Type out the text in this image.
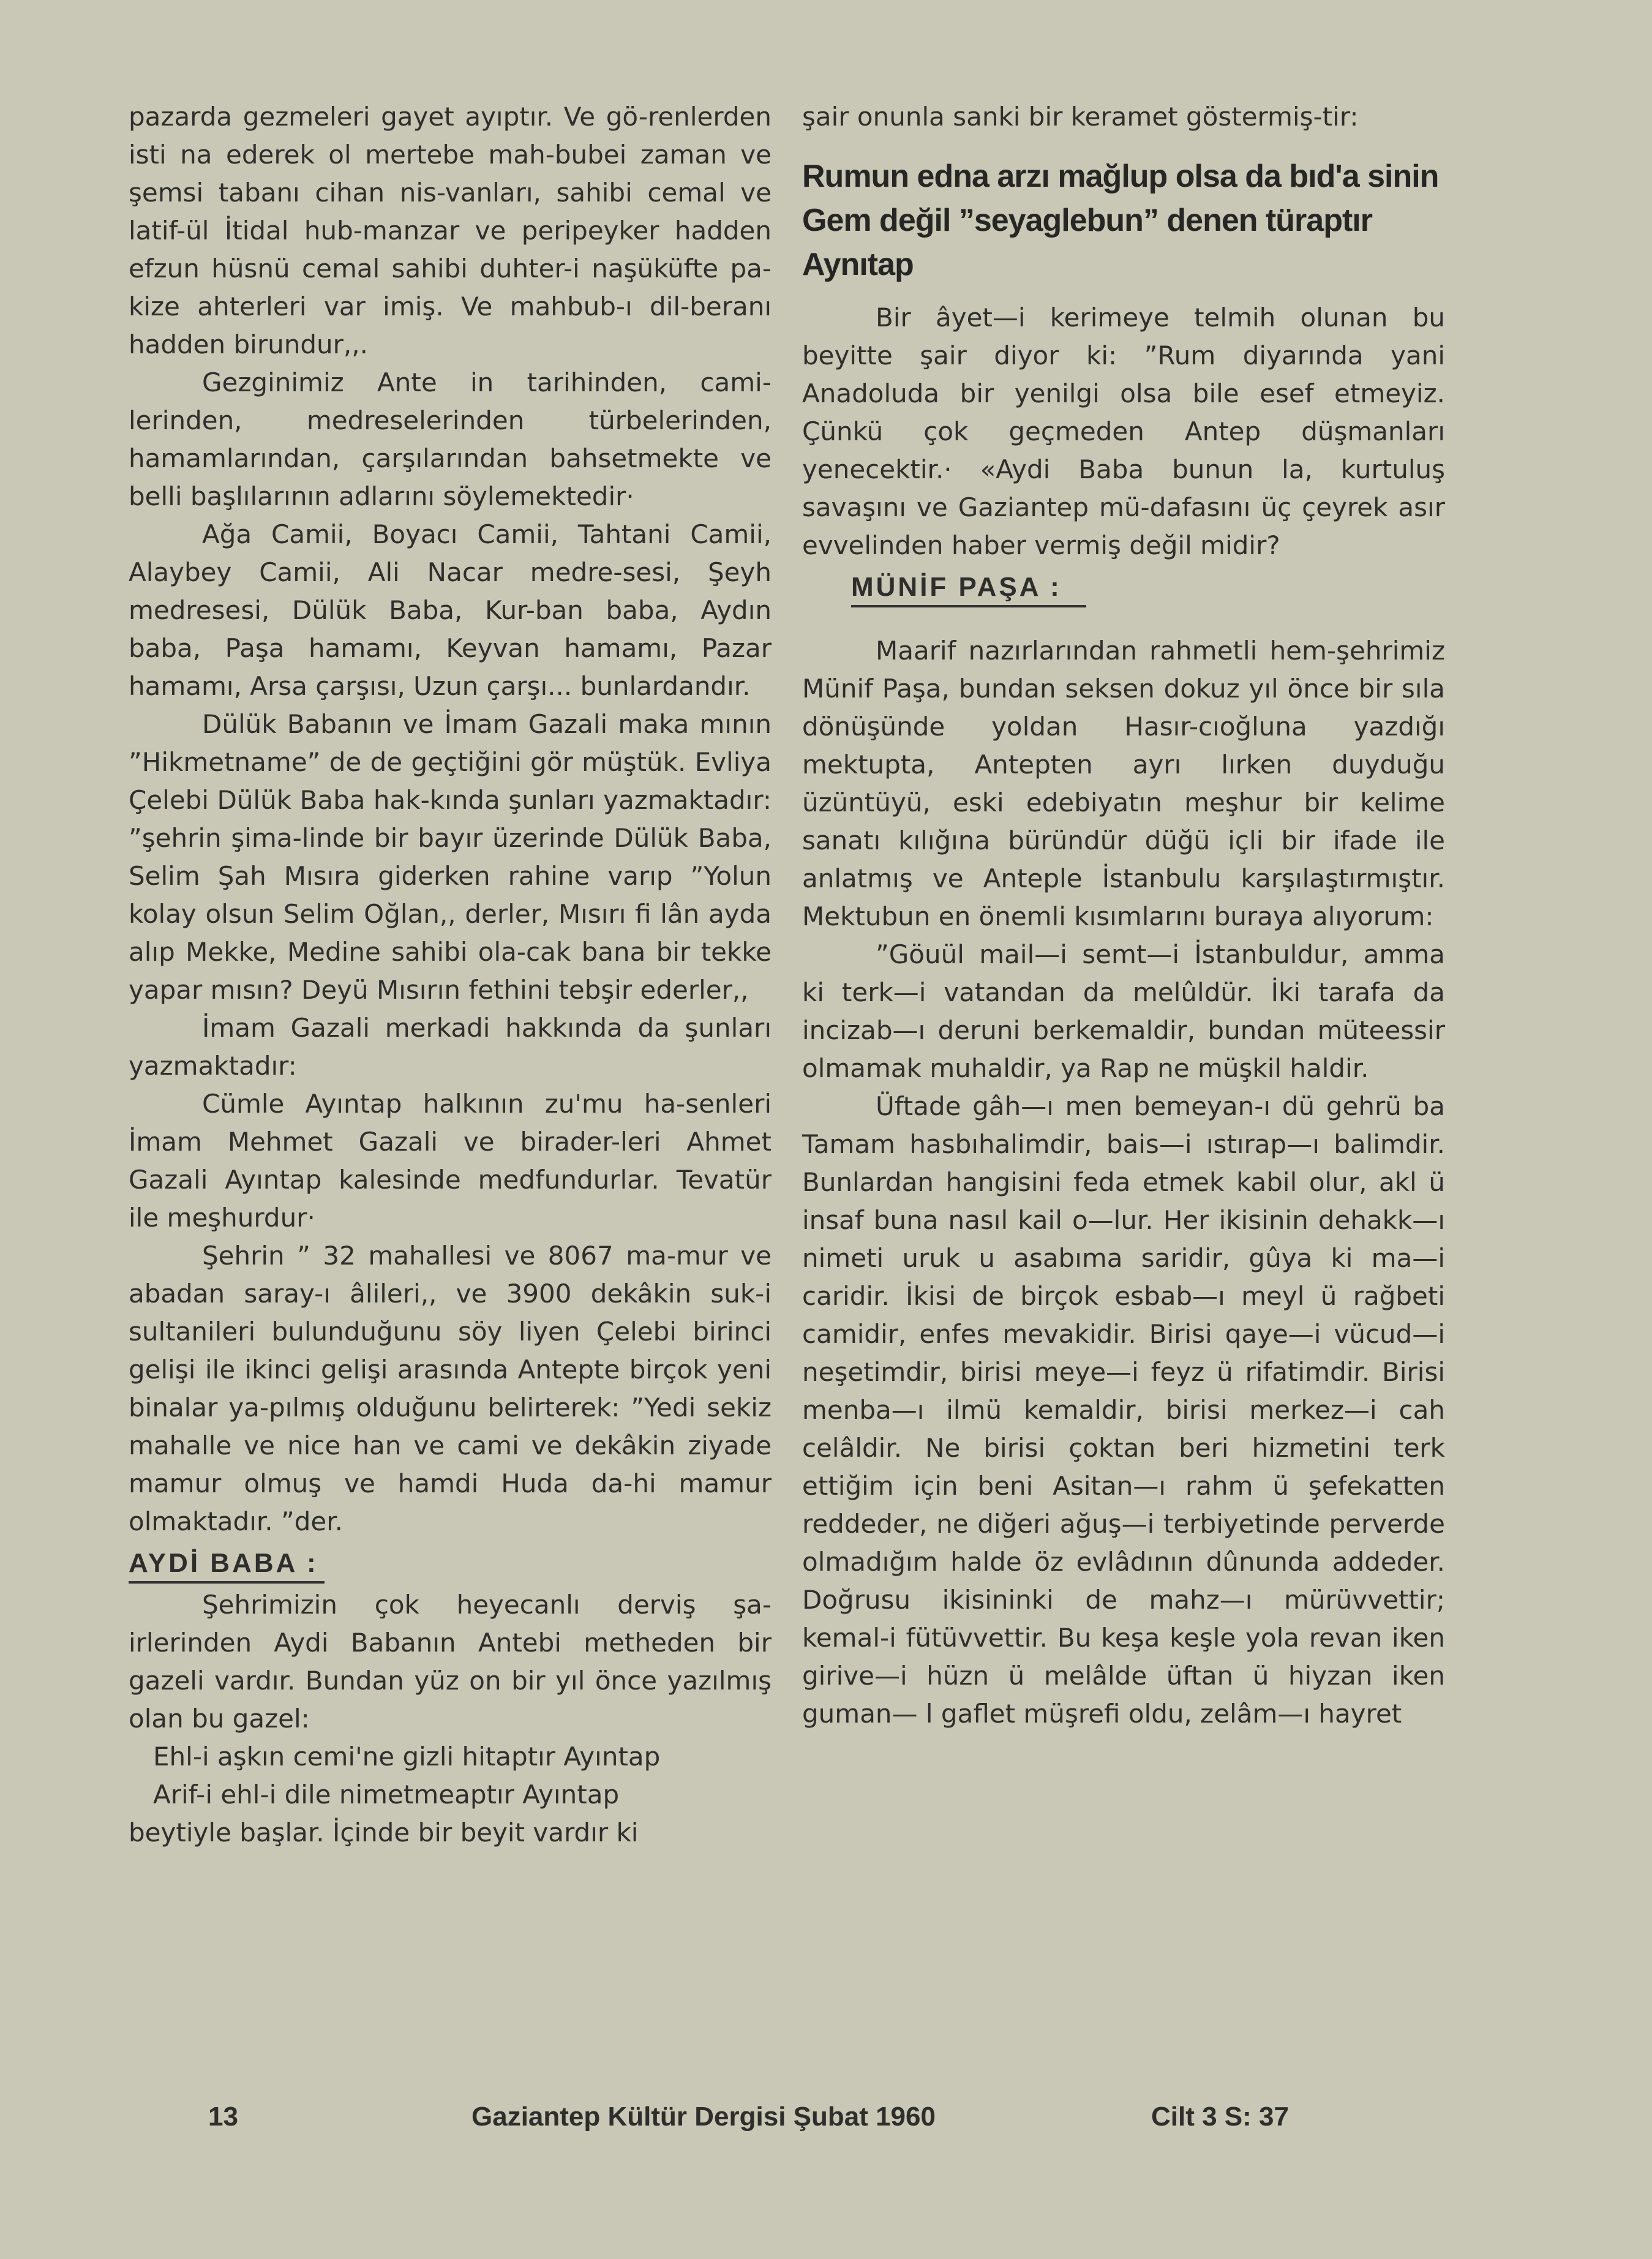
pazarda gezmeleri gayet ayıptır. Ve gö-renlerden isti na ederek ol mertebe mah-bubei zaman ve şemsi tabanı cihan nis-vanları, sahibi cemal ve latif-ül İtidal hub-manzar ve peripeyker hadden efzun hüsnü cemal sahibi duhter-i naşüküfte pa-kize ahterleri var imiş. Ve mahbub-ı dil-beranı hadden birundur,,.

Gezginimiz Ante in tarihinden, cami-lerinden, medreselerinden türbelerinden, hamamlarından, çarşılarından bahsetmekte ve belli başlılarının adlarını söylemektedir·

Ağa Camii, Boyacı Camii, Tahtani Camii, Alaybey Camii, Ali Nacar medre-sesi, Şeyh medresesi, Dülük Baba, Kur-ban baba, Aydın baba, Paşa hamamı, Keyvan hamamı, Pazar hamamı, Arsa çarşısı, Uzun çarşı... bunlardandır.

Dülük Babanın ve İmam Gazali maka mının ”Hikmetname” de de geçtiğini gör müştük. Evliya Çelebi Dülük Baba hak-kında şunları yazmaktadır: ”şehrin şima-linde bir bayır üzerinde Dülük Baba, Selim Şah Mısıra giderken rahine varıp ”Yolun kolay olsun Selim Oğlan,, derler, Mısırı fi lân ayda alıp Mekke, Medine sahibi ola-cak bana bir tekke yapar mısın? Deyü Mısırın fethini tebşir ederler,,

İmam Gazali merkadi hakkında da şunları yazmaktadır:

Cümle Ayıntap halkının zu'mu ha-senleri İmam Mehmet Gazali ve birader-leri Ahmet Gazali Ayıntap kalesinde medfundurlar. Tevatür ile meşhurdur·

Şehrin ” 32 mahallesi ve 8067 ma-mur ve abadan saray-ı âlileri,, ve 3900 dekâkin suk-i sultanileri bulunduğunu söy liyen Çelebi birinci gelişi ile ikinci gelişi arasında Antepte birçok yeni binalar ya-pılmış olduğunu belirterek: ”Yedi sekiz mahalle ve nice han ve cami ve dekâkin ziyade mamur olmuş ve hamdi Huda da-hi mamur olmaktadır. ”der.

AYDİ BABA :

Şehrimizin çok heyecanlı derviş şa-irlerinden Aydi Babanın Antebi metheden bir gazeli vardır. Bundan yüz on bir yıl önce yazılmış olan bu gazel:

Ehl-i aşkın cemi'ne gizli hitaptır Ayıntap

Arif-i ehl-i dile nimetmeaptır Ayıntap

beytiyle başlar. İçinde bir beyit vardır ki

şair onunla sanki bir keramet göstermiş-tir:

Rumun edna arzı mağlup olsa da bıd'a sinin Gem değil ”seyaglebun” denen türaptır Aynıtap

Bir âyet—i kerimeye telmih olunan bu beyitte şair diyor ki: ”Rum diyarında yani Anadoluda bir yenilgi olsa bile esef etmeyiz. Çünkü çok geçmeden Antep düşmanları yenecektir.· «Aydi Baba bunun la, kurtuluş savaşını ve Gaziantep mü-dafasını üç çeyrek asır evvelinden haber vermiş değil midir?

MÜNİF PAŞA :

Maarif nazırlarından rahmetli hem-şehrimiz Münif Paşa, bundan seksen dokuz yıl önce bir sıla dönüşünde yoldan Hasır-cıoğluna yazdığı mektupta, Antepten ayrı lırken duyduğu üzüntüyü, eski edebiyatın meşhur bir kelime sanatı kılığına büründür düğü içli bir ifade ile anlatmış ve Anteple İstanbulu karşılaştırmıştır. Mektubun en önemli kısımlarını buraya alıyorum:

”Göuül mail—i semt—i İstanbuldur, amma ki terk—i vatandan da melûldür. İki tarafa da incizab—ı deruni berkemaldir, bundan müteessir olmamak muhaldir, ya Rap ne müşkil haldir.

Üftade gâh—ı men bemeyan-ı dü gehrü ba Tamam hasbıhalimdir, bais—i ıstırap—ı balimdir. Bunlardan hangisini feda etmek kabil olur, akl ü insaf buna nasıl kail o—lur. Her ikisinin dehakk—ı nimeti uruk u asabıma saridir, gûya ki ma—i caridir. İkisi de birçok esbab—ı meyl ü rağbeti camidir, enfes mevakidir. Birisi qaye—i vücud—i neşetimdir, birisi meye—i feyz ü rifatimdir. Birisi menba—ı ilmü kemaldir, birisi merkez—i cah celâldir. Ne birisi çoktan beri hizmetini terk ettiğim için beni Asitan—ı rahm ü şefekatten reddeder, ne diğeri ağuş—i terbiyetinde perverde olmadığım halde öz evlâdının dûnunda addeder. Doğrusu ikisininki de mahz—ı mürüvvettir; kemal-i fütüvvettir. Bu keşa keşle yola revan iken girive—i hüzn ü melâlde üftan ü hiyzan iken guman— l gaflet müşrefi oldu, zelâm—ı hayret

13	Gaziantep Kültür Dergisi Şubat 1960	Cilt 3 S: 37
